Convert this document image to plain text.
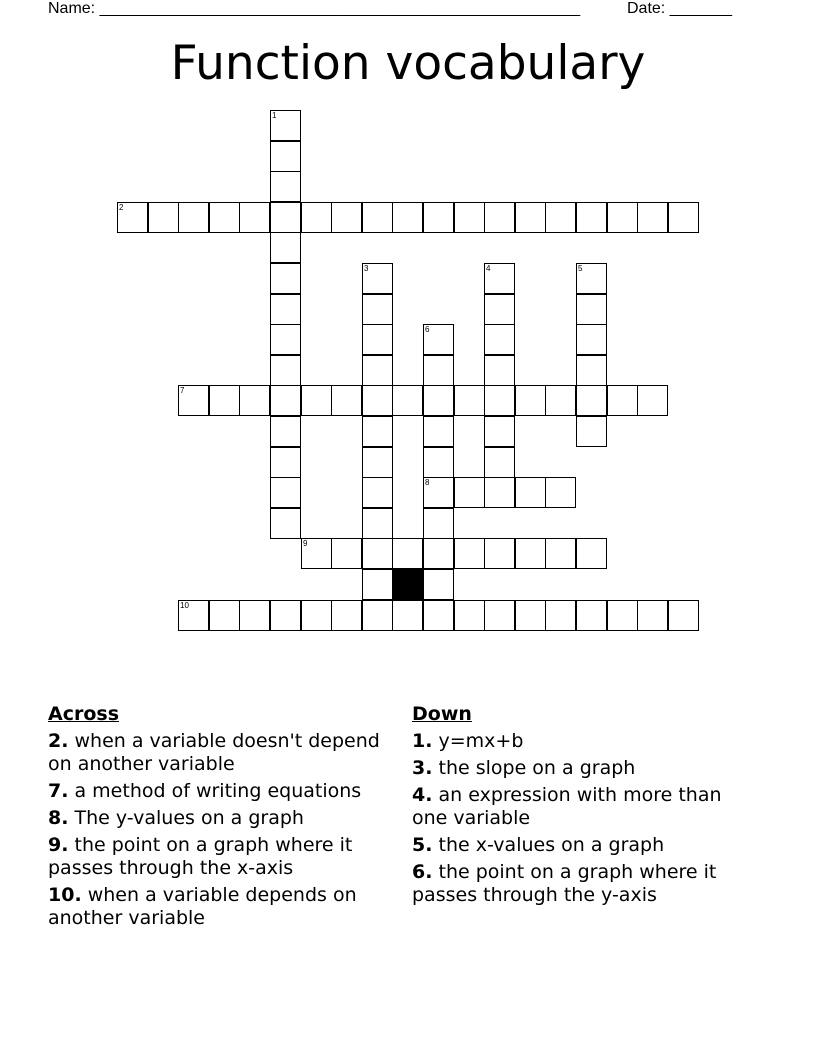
Name: ______________________________________________________	Date: _______
Function vocabulary
1
2
3	4	5
6
8
7
9
10
Across
2. when a variable doesn't depend on another variable
7. a method of writing equations
8. The y-values on a graph
9. the point on a graph where it passes through the x-axis
10. when a variable depends on another variable
Down
1. y=mx+b
3. the slope on a graph
4. an expression with more than one variable
5. the x-values on a graph
6. the point on a graph where it passes through the y-axis
